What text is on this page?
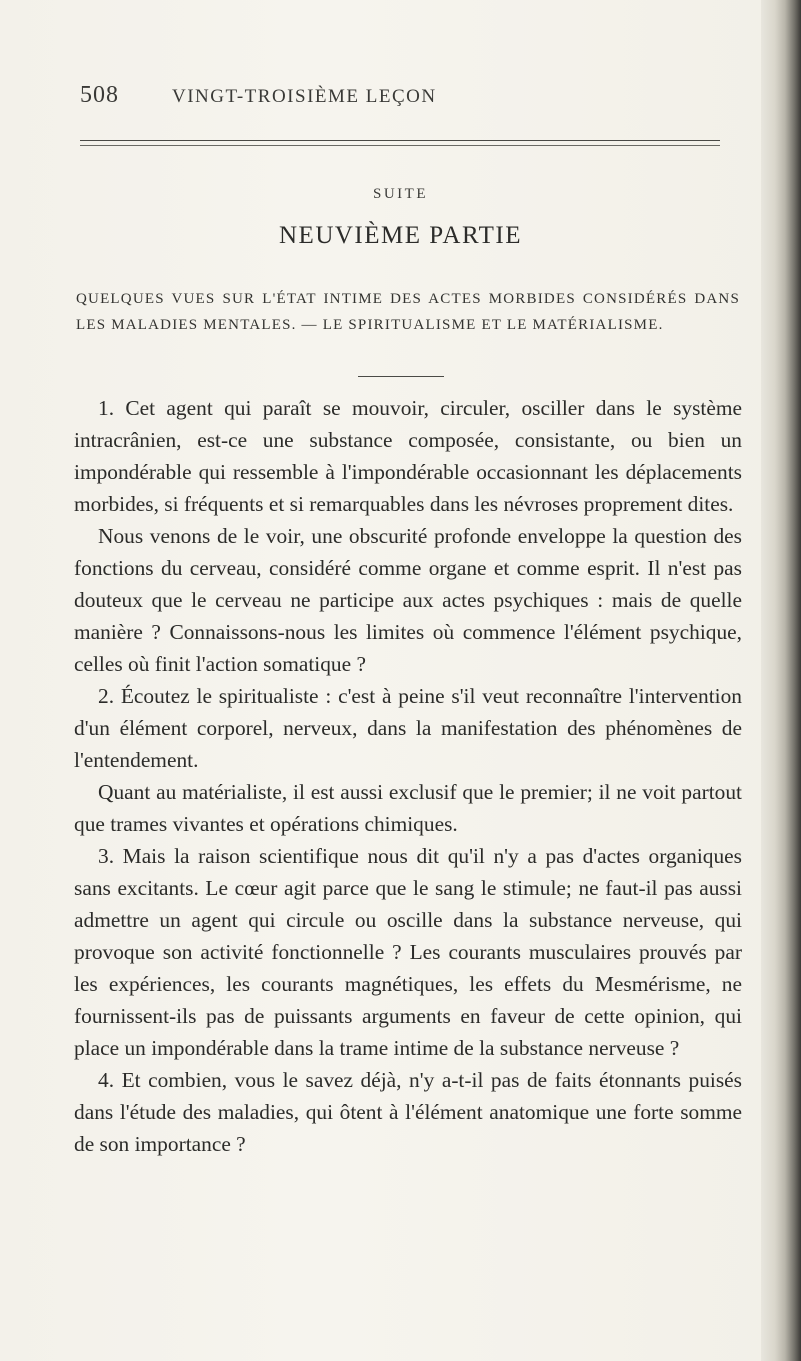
508	VINGT-TROISIÈME LEÇON
SUITE
NEUVIÈME PARTIE
QUELQUES VUES SUR L'ÉTAT INTIME DES ACTES MORBIDES CONSIDÉRÉS DANS LES MALADIES MENTALES. — LE SPIRITUALISME ET LE MATÉRIALISME.

1. Cet agent qui paraît se mouvoir, circuler, osciller dans le système intracrânien, est-ce une substance composée, consistante, ou bien un impondérable qui ressemble à l'impondérable occasionnant les déplacements morbides, si fréquents et si remarquables dans les névroses proprement dites.

Nous venons de le voir, une obscurité profonde enveloppe la question des fonctions du cerveau, considéré comme organe et comme esprit. Il n'est pas douteux que le cerveau ne participe aux actes psychiques : mais de quelle manière ? Connaissons-nous les limites où commence l'élément psychique, celles où finit l'action somatique ?

2. Écoutez le spiritualiste : c'est à peine s'il veut reconnaître l'intervention d'un élément corporel, nerveux, dans la manifestation des phénomènes de l'entendement.

Quant au matérialiste, il est aussi exclusif que le premier; il ne voit partout que trames vivantes et opérations chimiques.

3. Mais la raison scientifique nous dit qu'il n'y a pas d'actes organiques sans excitants. Le cœur agit parce que le sang le stimule; ne faut-il pas aussi admettre un agent qui circule ou oscille dans la substance nerveuse, qui provoque son activité fonctionnelle ? Les courants musculaires prouvés par les expériences, les courants magnétiques, les effets du Mesmérisme, ne fournissent-ils pas de puissants arguments en faveur de cette opinion, qui place un impondérable dans la trame intime de la substance nerveuse ?

4. Et combien, vous le savez déjà, n'y a-t-il pas de faits étonnants puisés dans l'étude des maladies, qui ôtent à l'élément anatomique une forte somme de son importance ?
